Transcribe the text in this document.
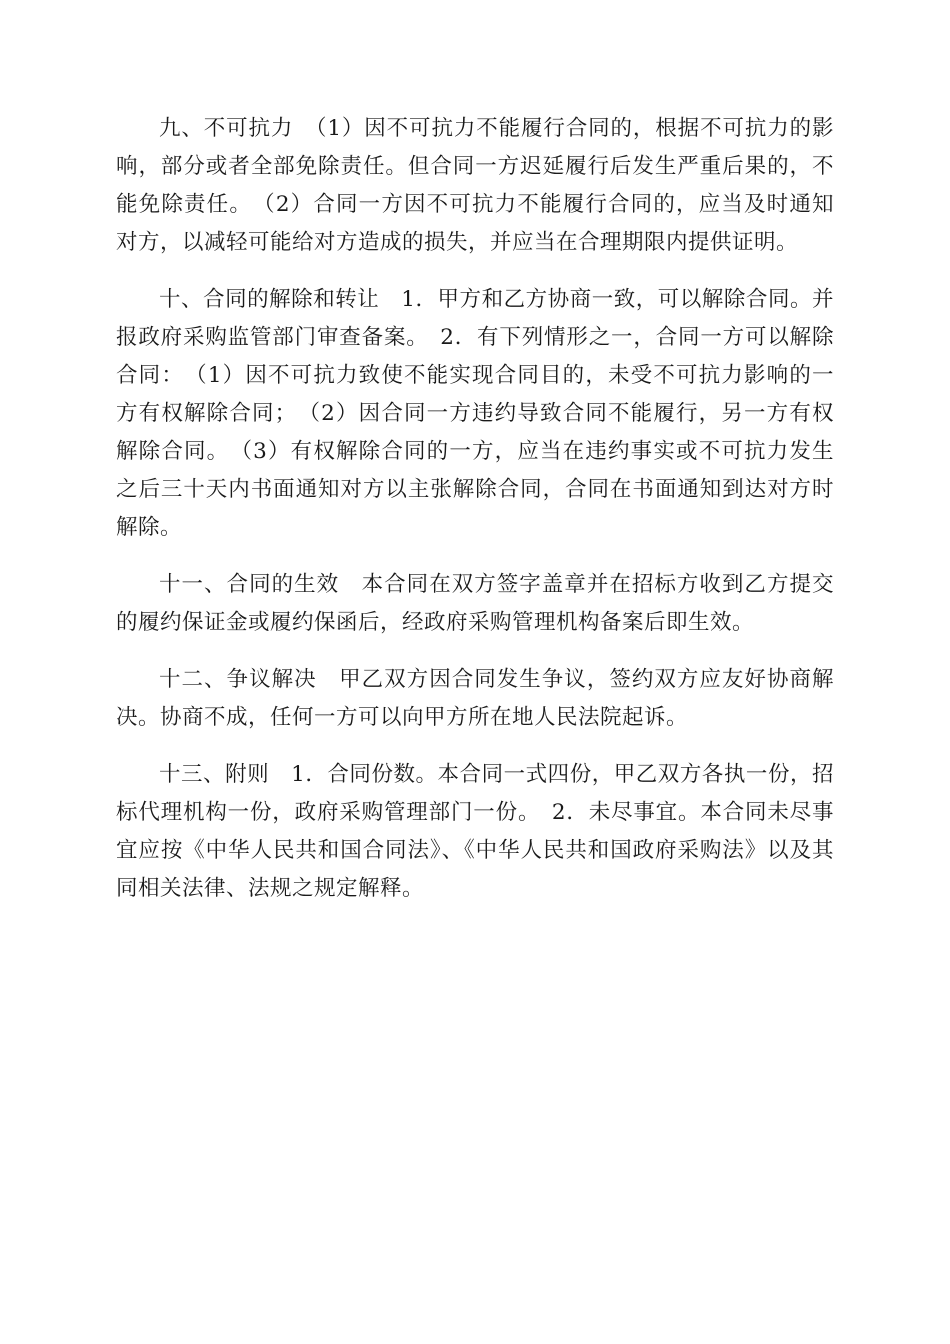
九、不可抗力　（1）因不可抗力不能履行合同的，根据不可抗力的影响，部分或者全部免除责任。但合同一方迟延履行后发生严重后果的，不能免除责任。　（2）合同一方因不可抗力不能履行合同的，应当及时通知对方，以减轻可能给对方造成的损失，并应当在合理期限内提供证明。

十、合同的解除和转让　1．甲方和乙方协商一致，可以解除合同。并报政府采购监管部门审查备案。　2．有下列情形之一，合同一方可以解除合同：　（1）因不可抗力致使不能实现合同目的，未受不可抗力影响的一方有权解除合同；　（2）因合同一方违约导致合同不能履行，另一方有权解除合同。　（3）有权解除合同的一方，应当在违约事实或不可抗力发生之后三十天内书面通知对方以主张解除合同，合同在书面通知到达对方时解除。

十一、合同的生效　本合同在双方签字盖章并在招标方收到乙方提交的履约保证金或履约保函后，经政府采购管理机构备案后即生效。

十二、争议解决　甲乙双方因合同发生争议，签约双方应友好协商解决。协商不成，任何一方可以向甲方所在地人民法院起诉。

十三、附则　1．合同份数。本合同一式四份，甲乙双方各执一份，招标代理机构一份，政府采购管理部门一份。　2．未尽事宜。本合同未尽事宜应按《中华人民共和国合同法》、《中华人民共和国政府采购法》以及其同相关法律、法规之规定解释。
